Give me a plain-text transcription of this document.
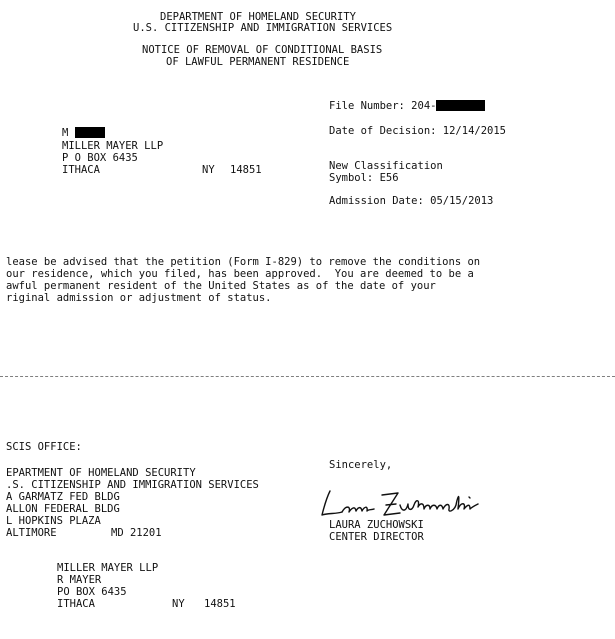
DEPARTMENT OF HOMELAND SECURITY
U.S. CITIZENSHIP AND IMMIGRATION SERVICES
NOTICE OF REMOVAL OF CONDITIONAL BASIS
OF LAWFUL PERMANENT RESIDENCE
File Number: 204-
Date of Decision: 12/14/2015
New Classification
Symbol: E56
Admission Date: 05/15/2013
M
MILLER MAYER LLP
P O BOX 6435
ITHACA	NY 14851
lease be advised that the petition (Form I-829) to remove the conditions on
our residence, which you filed, has been approved.  You are deemed to be a
awful permanent resident of the United States as of the date of your
riginal admission or adjustment of status.
SCIS OFFICE:
EPARTMENT OF HOMELAND SECURITY
.S. CITIZENSHIP AND IMMIGRATION SERVICES
A GARMATZ FED BLDG
ALLON FEDERAL BLDG
L HOPKINS PLAZA
ALTIMORE	MD 21201
Sincerely,
LAURA ZUCHOWSKI
CENTER DIRECTOR
MILLER MAYER LLP
R MAYER
PO BOX 6435
ITHACA	NY 14851
